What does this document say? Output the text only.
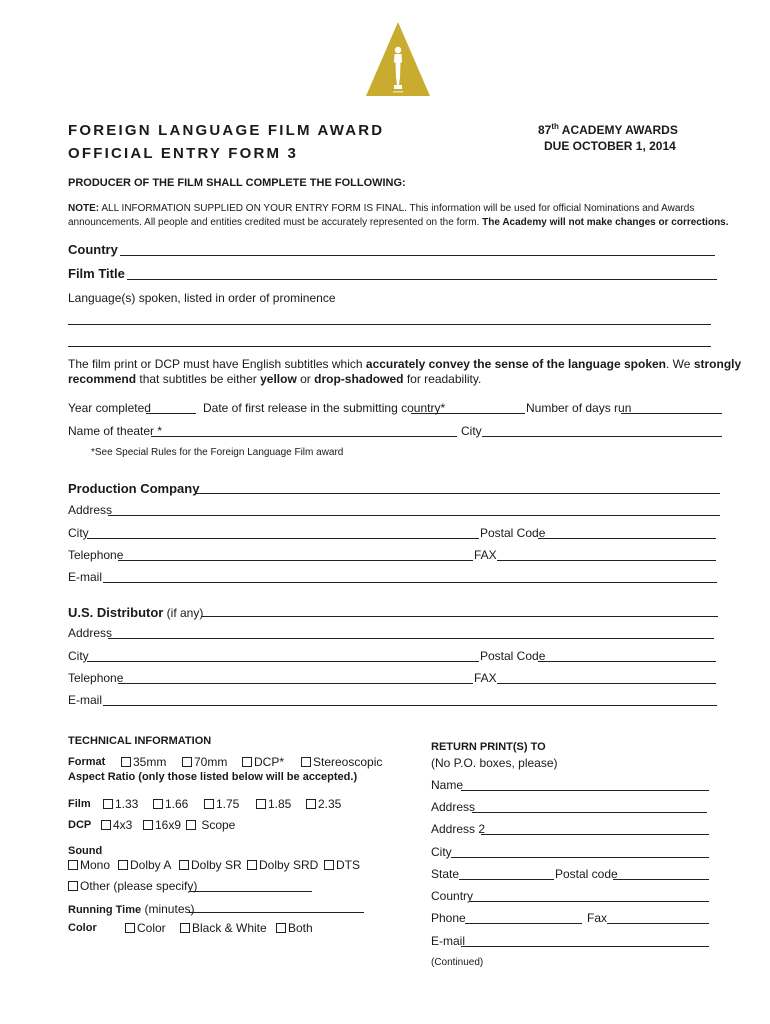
FOREIGN LANGUAGE FILM AWARD
OFFICIAL ENTRY FORM 3
87th ACADEMY AWARDS
DUE OCTOBER 1, 2014
PRODUCER OF THE FILM SHALL COMPLETE THE FOLLOWING:
NOTE: ALL INFORMATION SUPPLIED ON YOUR ENTRY FORM IS FINAL. This information will be used for official Nominations and Awards
announcements. All people and entities credited must be accurately represented on the form. The Academy will not make changes or corrections.
Country
Film Title
Language(s) spoken, listed in order of prominence
The film print or DCP must have English subtitles which accurately convey the sense of the language spoken. We strongly
recommend that subtitles be either yellow or drop-shadowed for readability.
Year completed	Date of first release in the submitting country*	Number of days run
Name of theater *	City
*See Special Rules for the Foreign Language Film award
Production Company
Address
City	Postal Code
Telephone	FAX
E-mail
U.S. Distributor (if any)
Address
City	Postal Code
Telephone	FAX
E-mail
TECHNICAL INFORMATION
Format	35mm	70mm	DCP*	Stereoscopic
Aspect Ratio (only those listed below will be accepted.)
Film	1.33	1.66	1.75	1.85	2.35
DCP	4x3	16x9	Scope
Sound
Mono	Dolby A	Dolby SR	Dolby SRD	DTS
Other (please specify)
Running Time (minutes)
Color	Color	Black & White	Both
RETURN PRINT(S) TO
(No P.O. boxes, please)
Name
Address
Address 2
City
State	Postal code
Country
Phone	Fax
E-mail
(Continued)
